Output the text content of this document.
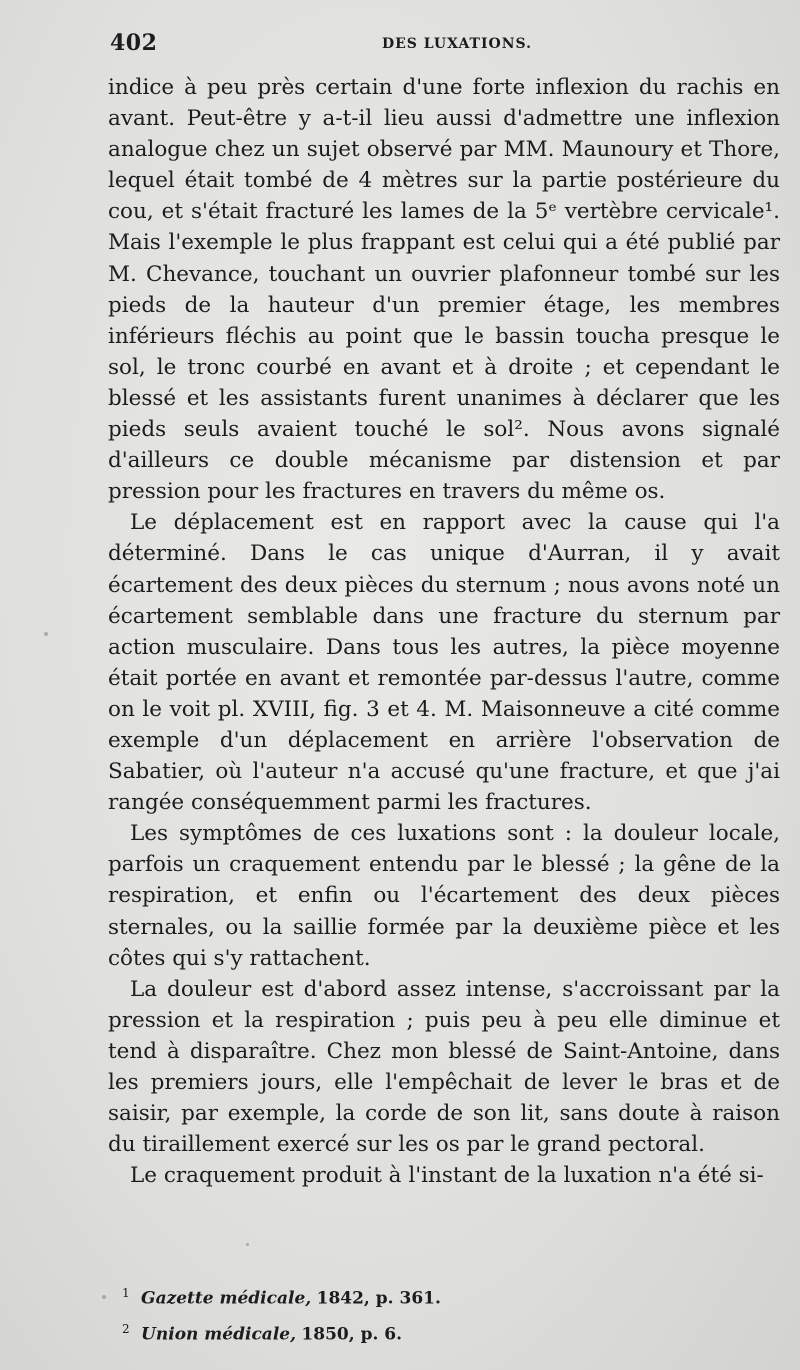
402	DES LUXATIONS.

indice à peu près certain d'une forte inflexion du rachis en avant. Peut-être y a-t-il lieu aussi d'admettre une inflexion analogue chez un sujet observé par MM. Maunoury et Thore, lequel était tombé de 4 mètres sur la partie postérieure du cou, et s'était fracturé les lames de la 5ᵉ vertèbre cervicale¹. Mais l'exemple le plus frappant est celui qui a été publié par M. Chevance, touchant un ouvrier plafonneur tombé sur les pieds de la hauteur d'un premier étage, les membres inférieurs fléchis au point que le bassin toucha presque le sol, le tronc courbé en avant et à droite ; et cependant le blessé et les assistants furent unanimes à déclarer que les pieds seuls avaient touché le sol². Nous avons signalé d'ailleurs ce double mécanisme par distension et par pression pour les fractures en travers du même os.

Le déplacement est en rapport avec la cause qui l'a déterminé. Dans le cas unique d'Aurran, il y avait écartement des deux pièces du sternum ; nous avons noté un écartement semblable dans une fracture du sternum par action musculaire. Dans tous les autres, la pièce moyenne était portée en avant et remontée par-dessus l'autre, comme on le voit pl. XVIII, fig. 3 et 4. M. Maisonneuve a cité comme exemple d'un déplacement en arrière l'observation de Sabatier, où l'auteur n'a accusé qu'une fracture, et que j'ai rangée conséquemment parmi les fractures.

Les symptômes de ces luxations sont : la douleur locale, parfois un craquement entendu par le blessé ; la gêne de la respiration, et enfin ou l'écartement des deux pièces sternales, ou la saillie formée par la deuxième pièce et les côtes qui s'y rattachent.

La douleur est d'abord assez intense, s'accroissant par la pression et la respiration ; puis peu à peu elle diminue et tend à disparaître. Chez mon blessé de Saint-Antoine, dans les premiers jours, elle l'empêchait de lever le bras et de saisir, par exemple, la corde de son lit, sans doute à raison du tiraillement exercé sur les os par le grand pectoral.

Le craquement produit à l'instant de la luxation n'a été si-

$^1$ Gazette médicale, 1842, p. 361.
$^2$ Union médicale, 1850, p. 6.
